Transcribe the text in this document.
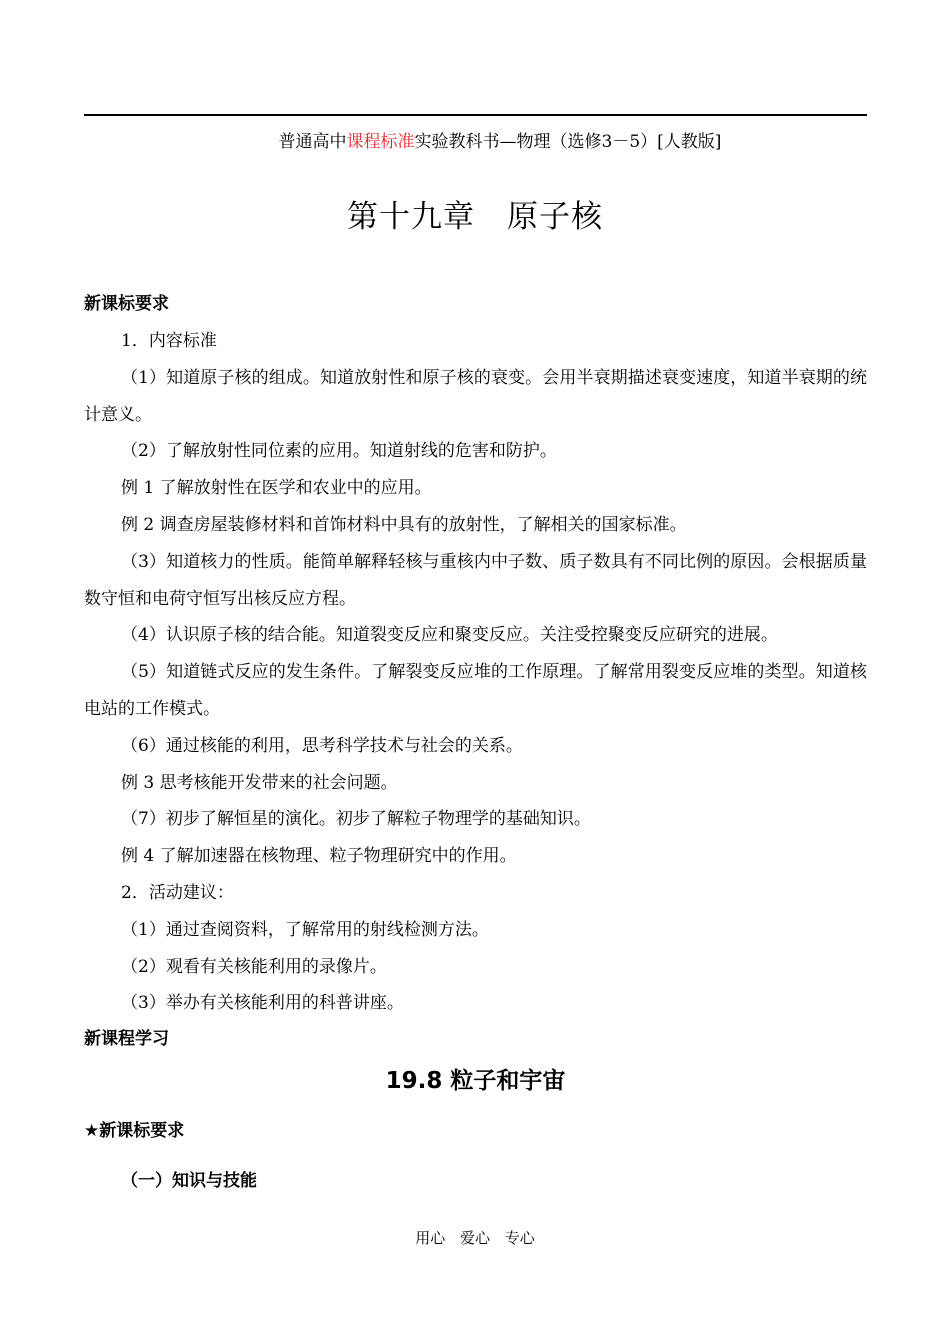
普通高中课程标准实验教科书—物理（选修3－5）[人教版]
第十九章　原子核
新课标要求

1．内容标准

（1）知道原子核的组成。知道放射性和原子核的衰变。会用半衰期描述衰变速度，知道半衰期的统计意义。

（2）了解放射性同位素的应用。知道射线的危害和防护。

例 1 了解放射性在医学和农业中的应用。

例 2 调查房屋装修材料和首饰材料中具有的放射性，了解相关的国家标准。

（3）知道核力的性质。能简单解释轻核与重核内中子数、质子数具有不同比例的原因。会根据质量数守恒和电荷守恒写出核反应方程。

（4）认识原子核的结合能。知道裂变反应和聚变反应。关注受控聚变反应研究的进展。

（5）知道链式反应的发生条件。了解裂变反应堆的工作原理。了解常用裂变反应堆的类型。知道核电站的工作模式。

（6）通过核能的利用，思考科学技术与社会的关系。

例 3 思考核能开发带来的社会问题。

（7）初步了解恒星的演化。初步了解粒子物理学的基础知识。

例 4 了解加速器在核物理、粒子物理研究中的作用。

2．活动建议：

（1）通过查阅资料，了解常用的射线检测方法。

（2）观看有关核能利用的录像片。

（3）举办有关核能利用的科普讲座。

新课程学习
19.8 粒子和宇宙
★新课标要求
（一）知识与技能
用心 爱心 专心
